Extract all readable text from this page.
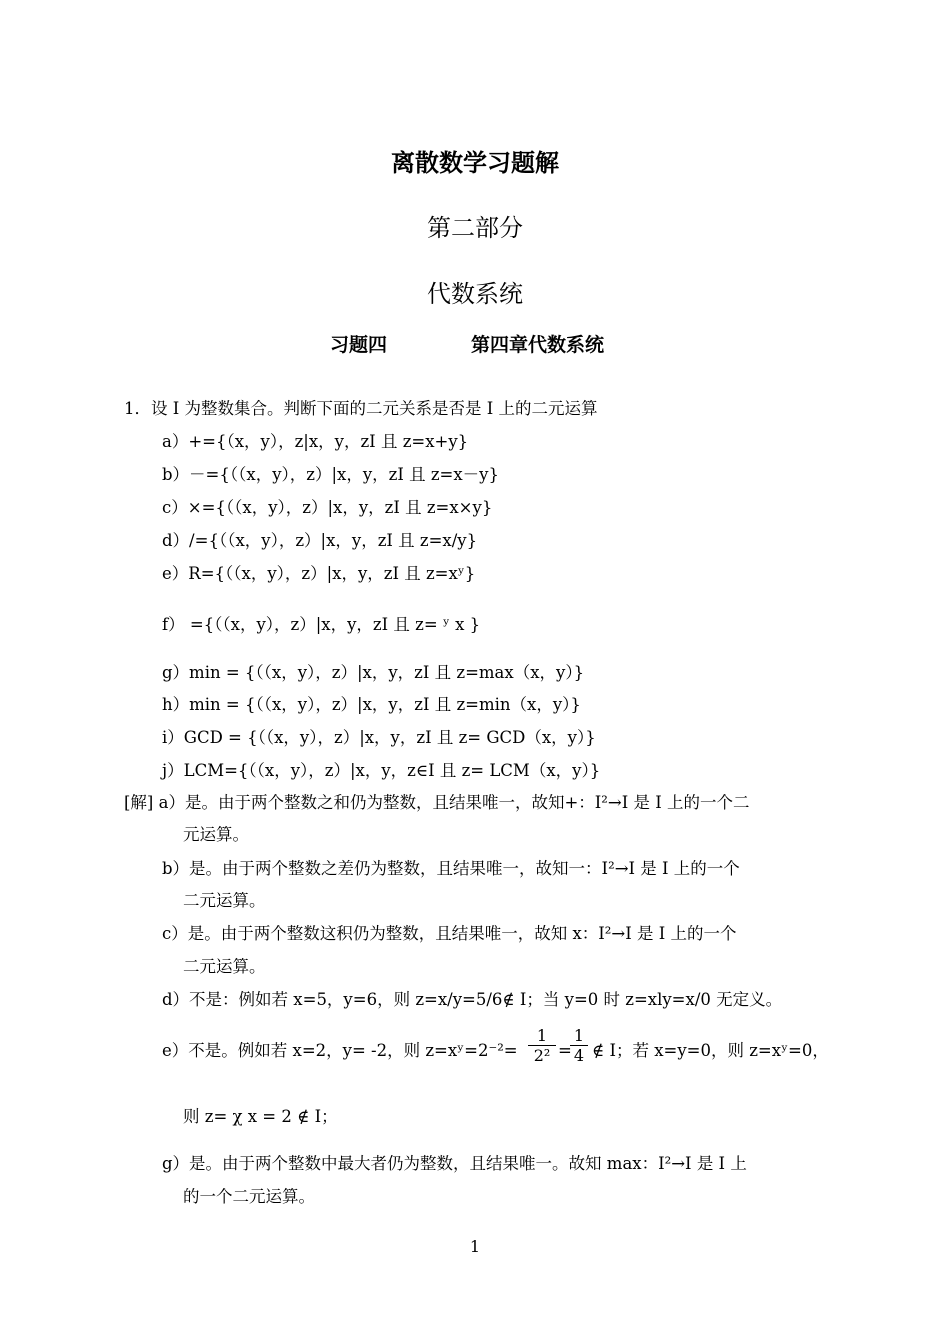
离散数学习题解
第二部分
代数系统
习题四	第四章代数系统
1．设 I 为整数集合。判断下面的二元关系是否是 I 上的二元运算
a）+={（x，y），z|x，y，zI 且 z=x+y}
b）－={（（x，y），z）|x，y，zI 且 z=x－y}
c）×={（（x，y），z）|x，y，zI 且 z=x×y}
d）/={（（x，y），z）|x，y，zI 且 z=x/y}
e）R={（（x，y），z）|x，y，zI 且 z=xʸ}
f） ={（（x，y），z）|x，y，zI 且 z= ʸ x }
g）min = {（（x，y），z）|x，y，zI 且 z=max（x，y）}
h）min = {（（x，y），z）|x，y，zI 且 z=min（x，y）}
i）GCD = {（（x，y），z）|x，y，zI 且 z= GCD（x，y）}
j）LCM={（（x，y），z）|x，y，z∈I 且 z= LCM（x，y）}
[解] a）是。由于两个整数之和仍为整数，且结果唯一，故知+：I²→I 是 I 上的一个二
元运算。
b）是。由于两个整数之差仍为整数，且结果唯一，故知一：I²→I 是 I 上的一个
二元运算。
c）是。由于两个整数这积仍为整数，且结果唯一，故知 x：I²→I 是 I 上的一个
二元运算。
d）不是：例如若 x=5，y=6，则 z=x/y=5/6∉ I；当 y=0 时 z=xly=x/0 无定义。
e）不是。例如若 x=2，y= -2，则 z=xʸ=2⁻²= $\frac{1}{\text{2²}}$ =
$\frac{1}{4}$ ∉ I；若 x=y=0，则 z=xʸ=0，
则 z= χ x = 2 ∉ I；
g）是。由于两个整数中最大者仍为整数，且结果唯一。故知 max：I²→I 是 I 上
的一个二元运算。
1
